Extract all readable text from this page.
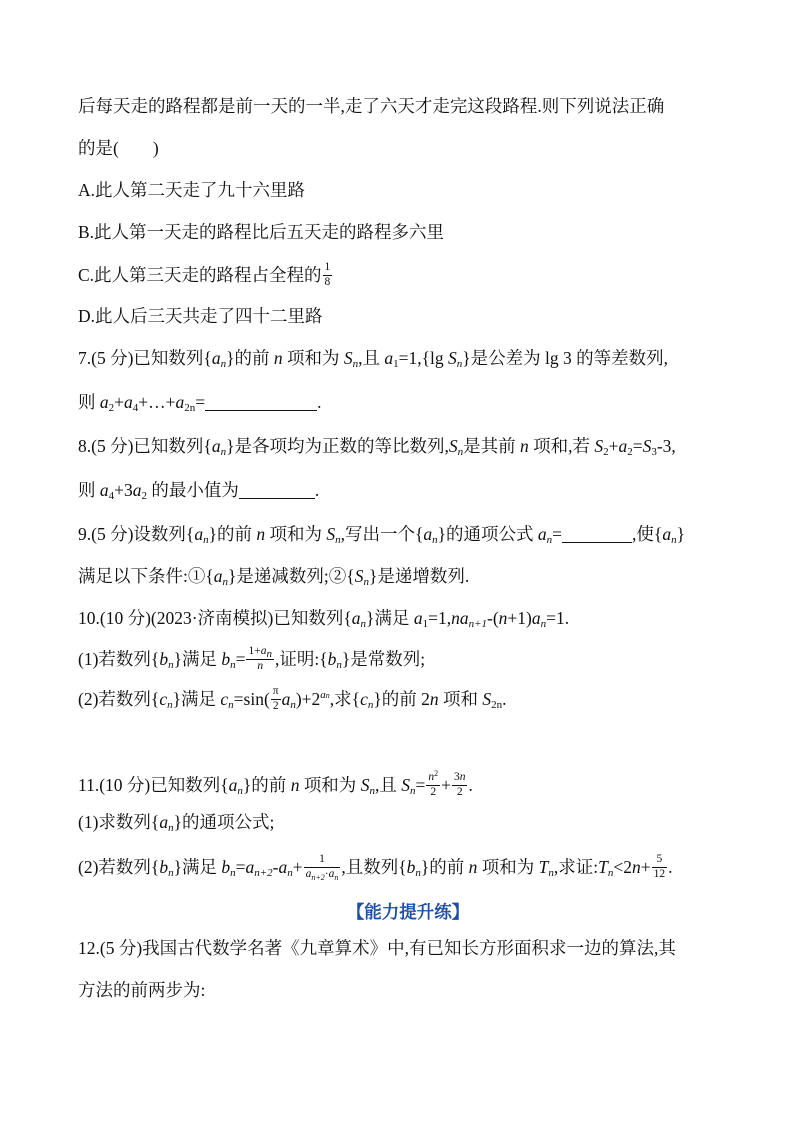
后每天走的路程都是前一天的一半,走了六天才走完这段路程.则下列说法正确
的是( )
A.此人第二天走了九十六里路
B.此人第一天走的路程比后五天走的路程多六里
C.此人第三天走的路程占全程的 $\frac{1}{8}$
D.此人后三天共走了四十二里路
7.(5 分)已知数列$\{a_n\}$的前 n 项和为 $S_n$,且 $a_1=1,\{\lg$ $S_n$}是公差为 lg 3 的等差数列,
则 $a_2+a_4+\dots+a_{2n}=$	.
8.(5 分)已知数列$\{a_n\}$是各项均为正数的等比数列$,S_n$是其前 n 项和,若 $S_2+a_2=S_3-3$,
则 $a_4+3a_2$ 的最小值为	.
9.(5 分)设数列$\{a_n\}$的前 n 项和为 $S_n$,写出一个$\{a_n\}$的通项公式 $a_n=$	,使$\{a_n\}$
满足以下条件$:①\{a_n\}$是递减数列$;②\{S_n\}$是递增数列.
10.(10 分)(2023·济南模拟)已知数列$\{a_n\}$满足 $a_1=1,na_{n+1}-(n+1)a_n=1$.
(1)若数列$\{b_n\}$满足 $b_n= \frac{1+a_n}{n}$ ,证明$:\{b_n\}$是常数列;
(2)若数列$\{c_n\}$满足 $c_n=\sin( \frac{\pi}{2} a_n)+2^{an}$,求$\{c_n\}$的前 2n 项和 $S_{2n}$.
11.(10 分)已知数列$\{a_n\}$的前 n 项和为 $S_n$,且 $S_n= \frac{n^2}{2} + \frac{3n}{2}$ .
(1)求数列$\{a_n\}$的通项公式;
(2)若数列$\{b_n\}$满足 $b_n=a_{n+2}-a_n+ \frac{1}{a_{n+2}\cdot a_n}$ ,且数列$\{b_n\}$的前 n 项和为 $T_n$,求证$:T_n<2n+ \frac{5}{12}$ .
【能力提升练】
12.(5 分)我国古代数学名著《九章算术》中,有已知长方形面积求一边的算法,其
方法的前两步为:
